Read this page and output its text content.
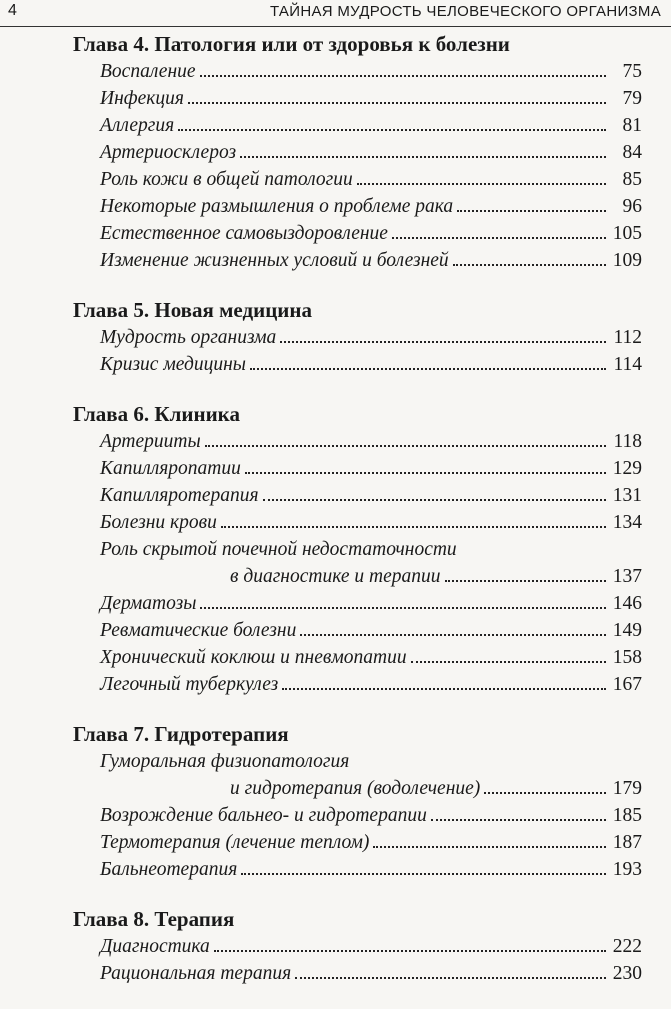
4	ТАЙНАЯ МУДРОСТЬ ЧЕЛОВЕЧЕСКОГО ОРГАНИЗМА
Глава 4. Патология или от здоровья к болезни
Воспаление	75
Инфекция	79
Аллергия	81
Артериосклероз	84
Роль кожи в общей патологии	85
Некоторые размышления о проблеме рака	96
Естественное самовыздоровление	105
Изменение жизненных условий и болезней	109
Глава 5. Новая медицина
Мудрость организма	112
Кризис медицины	114
Глава 6. Клиника
Артерииты	118
Капилляропатии	129
Капилляротерапия	131
Болезни крови	134
Роль скрытой почечной недостаточности
в диагностике и терапии	137
Дерматозы	146
Ревматические болезни	149
Хронический коклюш и пневмопатии	158
Легочный туберкулез	167
Глава 7. Гидротерапия
Гуморальная физиопатология
и гидротерапия (водолечение)	179
Возрождение бальнео- и гидротерапии	185
Термотерапия (лечение теплом)	187
Бальнеотерапия	193
Глава 8. Терапия
Диагностика	222
Рациональная терапия	230
